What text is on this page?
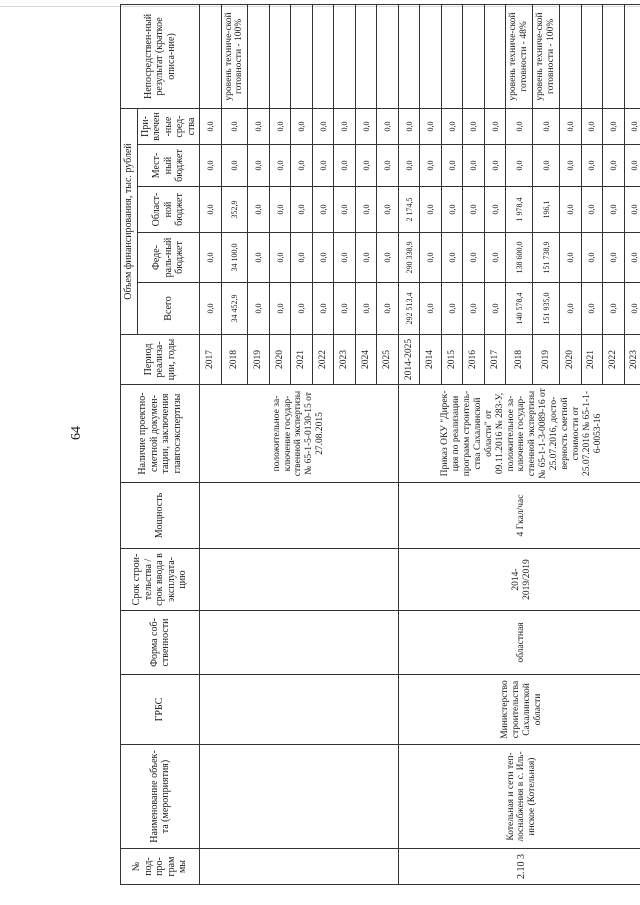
64
№ под-про-грам мы	Наименование объек-та (мероприятия)	ГРБС	Форма соб-ственности	Срок строи-тельства / срок ввода в эксплуата-цию	Мощность	Наличие проектно-сметной докумен-тации, заключения главгосэкспертизы	Период реализа-ции, годы	Объем финансирования, тыс. рублей					Непосредствен-ный результат (краткое описа-ние)
								Всего	Феде-раль-ный бюджет	Област-ной бюджет	Мест-ный бюджет	При-влечен-ные сред-ства	
						положительное за-ключение государ-ственной экспертизы № 65-1-5-0130-15 от 27.08.2015	2017	0,0	0,0	0,0	0,0	0,0	
							2018	34 452,9	34 100,0	352,9	0,0	0,0	уровень техниче-ской готовности - 100%
							2019	0,0	0,0	0,0	0,0	0,0	
							2020	0,0	0,0	0,0	0,0	0,0	
							2021	0,0	0,0	0,0	0,0	0,0	
							2022	0,0	0,0	0,0	0,0	0,0	
							2023	0,0	0,0	0,0	0,0	0,0	
							2024	0,0	0,0	0,0	0,0	0,0	
							2025	0,0	0,0	0,0	0,0	0,0	
2.10 3	Котельная и сети теп-лоснабжения в с. Иль-инское (Котельная)	Министерство строительства Сахалинской области	областная	2014-2019/2019	4 Гкал/час	Приказ ОКУ "Дирек-ция по реализации программ строитель-ства Сахалинской области" от 09.11.2016 № 283-У, положительное за-ключение государ-ственной экспертизы № 65-1-1-3-0089-16 от 25.07.2016, досто-верность сметной стоимости от 25.07.2016 № 65-1-1-6-0053-16	2014-2025	292 513,4	290 338,9	2 174,5	0,0	0,0	
							2014	0,0	0,0	0,0	0,0	0,0	
							2015	0,0	0,0	0,0	0,0	0,0	
							2016	0,0	0,0	0,0	0,0	0,0	
							2017	0,0	0,0	0,0	0,0	0,0	
							2018	140 578,4	138 600,0	1 978,4	0,0	0,0	уровень техниче-ской готовности - 48%
							2019	151 935,0	151 738,9	196,1	0,0	0,0	уровень техниче-ской готовности - 100%
							2020	0,0	0,0	0,0	0,0	0,0	
							2021	0,0	0,0	0,0	0,0	0,0	
							2022	0,0	0,0	0,0	0,0	0,0	
							2023	0,0	0,0	0,0	0,0	0,0	
